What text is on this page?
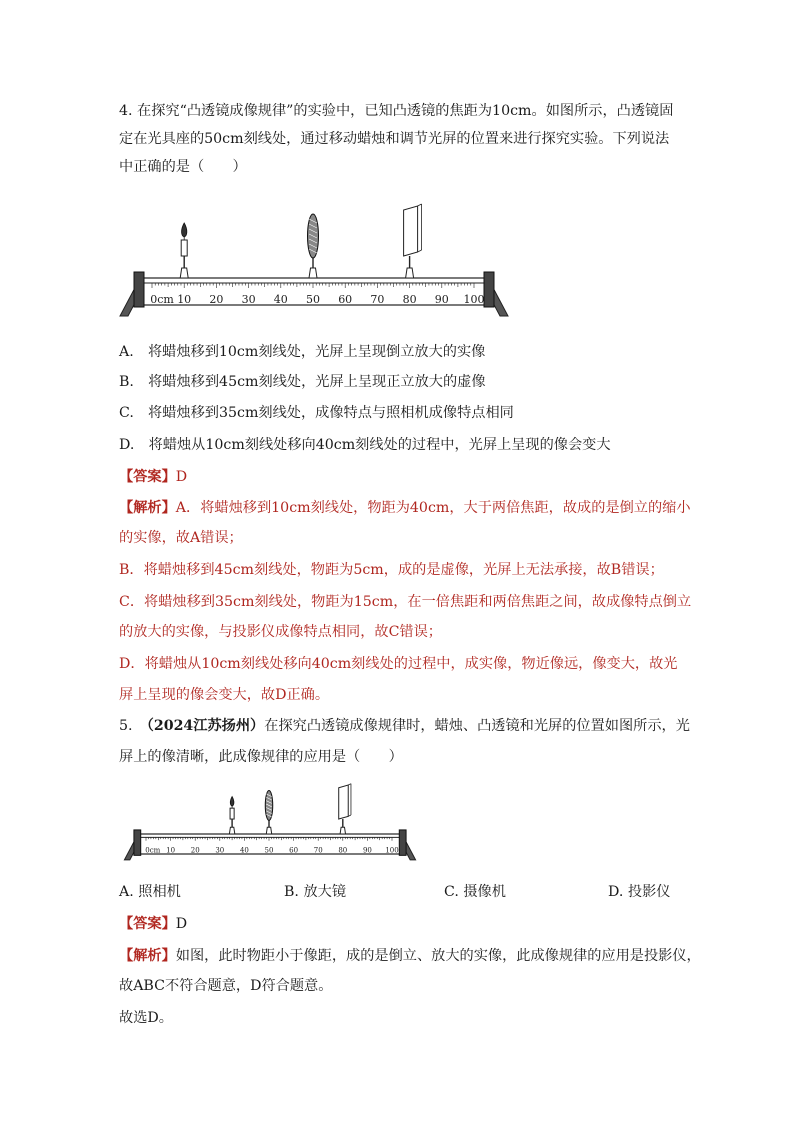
4. 在探究“凸透镜成像规律”的实验中，已知凸透镜的焦距为10cm。如图所示，凸透镜固定在光具座的50cm刻线处，通过移动蜡烛和调节光屏的位置来进行探究实验。下列说法中正确的是（　　）

0cm 10 20 30 40 50 60 70 80 90 100

A.　将蜡烛移到10cm刻线处，光屏上呈现倒立放大的实像

B.　将蜡烛移到45cm刻线处，光屏上呈现正立放大的虚像

C.　将蜡烛移到35cm刻线处，成像特点与照相机成像特点相同

D.　将蜡烛从10cm刻线处移向40cm刻线处的过程中，光屏上呈现的像会变大

【答案】D

【解析】A．将蜡烛移到10cm刻线处，物距为40cm，大于两倍焦距，故成的是倒立的缩小

的实像，故A错误；

B．将蜡烛移到45cm刻线处，物距为5cm，成的是虚像，光屏上无法承接，故B错误；

C．将蜡烛移到35cm刻线处，物距为15cm，在一倍焦距和两倍焦距之间，故成像特点倒立

的放大的实像，与投影仪成像特点相同，故C错误；

D．将蜡烛从10cm刻线处移向40cm刻线处的过程中，成实像，物近像远，像变大，故光

屏上呈现的像会变大，故D正确。

5.　（2024江苏扬州）在探究凸透镜成像规律时，蜡烛、凸透镜和光屏的位置如图所示，光

屏上的像清晰，此成像规律的应用是（　　）

0cm 10 20 30 40 50 60 70 80 90 100
A. 照相机	B. 放大镜	C. 摄像机	D. 投影仪

【答案】D

【解析】如图，此时物距小于像距，成的是倒立、放大的实像，此成像规律的应用是投影仪，

故ABC不符合题意，D符合题意。

故选D。
